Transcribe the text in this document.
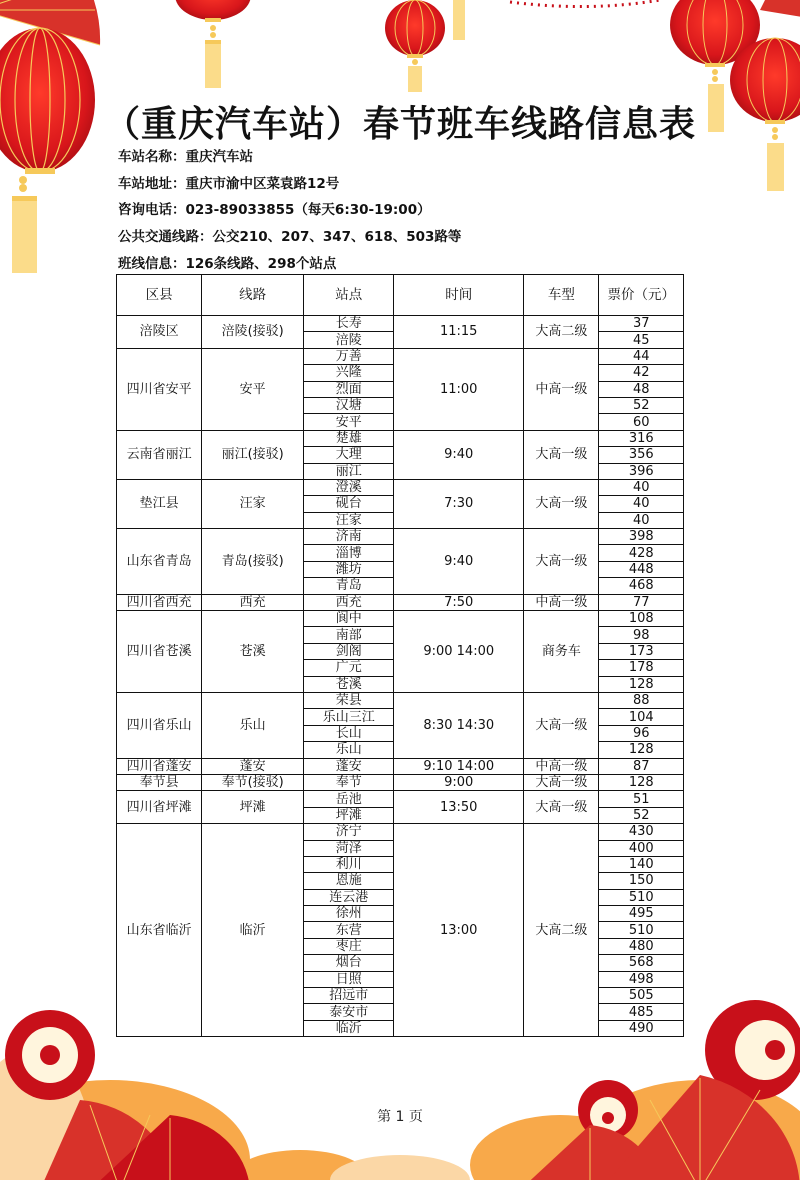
（重庆汽车站）春节班车线路信息表
车站名称：重庆汽车站
车站地址：重庆市渝中区菜袁路12号
咨询电话：023-89033855（每天6:30-19:00）
公共交通线路：公交210、207、347、618、503路等
班线信息：126条线路、298个站点
区县	线路	站点	时间	车型	票价（元）
涪陵区	涪陵(接驳)	长寿	11:15	大高二级	37
		涪陵			45
四川省安平	安平	万善	11:00	中高一级	44
		兴隆			42
		烈面			48
		汉塘			52
		安平			60
云南省丽江	丽江(接驳)	楚雄	9:40	大高一级	316
		大理			356
		丽江			396
垫江县	汪家	澄溪	7:30	大高一级	40
		砚台			40
		汪家			40
山东省青岛	青岛(接驳)	济南	9:40	大高一级	398
		淄博			428
		潍坊			448
		青岛			468
四川省西充	西充	西充	7:50	中高一级	77
四川省苍溪	苍溪	阆中	9:00 14:00	商务车	108
		南部			98
		剑阁			173
		广元			178
		苍溪			128
四川省乐山	乐山	荣县	8:30 14:30	大高一级	88
		乐山三江			104
		长山			96
		乐山			128
四川省蓬安	蓬安	蓬安	9:10 14:00	中高一级	87
奉节县	奉节(接驳)	奉节	9:00	大高一级	128
四川省坪滩	坪滩	岳池	13:50	大高一级	51
		坪滩			52
山东省临沂	临沂	济宁	13:00	大高二级	430
		菏泽			400
		利川			140
		恩施			150
		连云港			510
		徐州			495
		东营			510
		枣庄			480
		烟台			568
		日照			498
		招远市			505
		泰安市			485
		临沂			490
第 1 页
